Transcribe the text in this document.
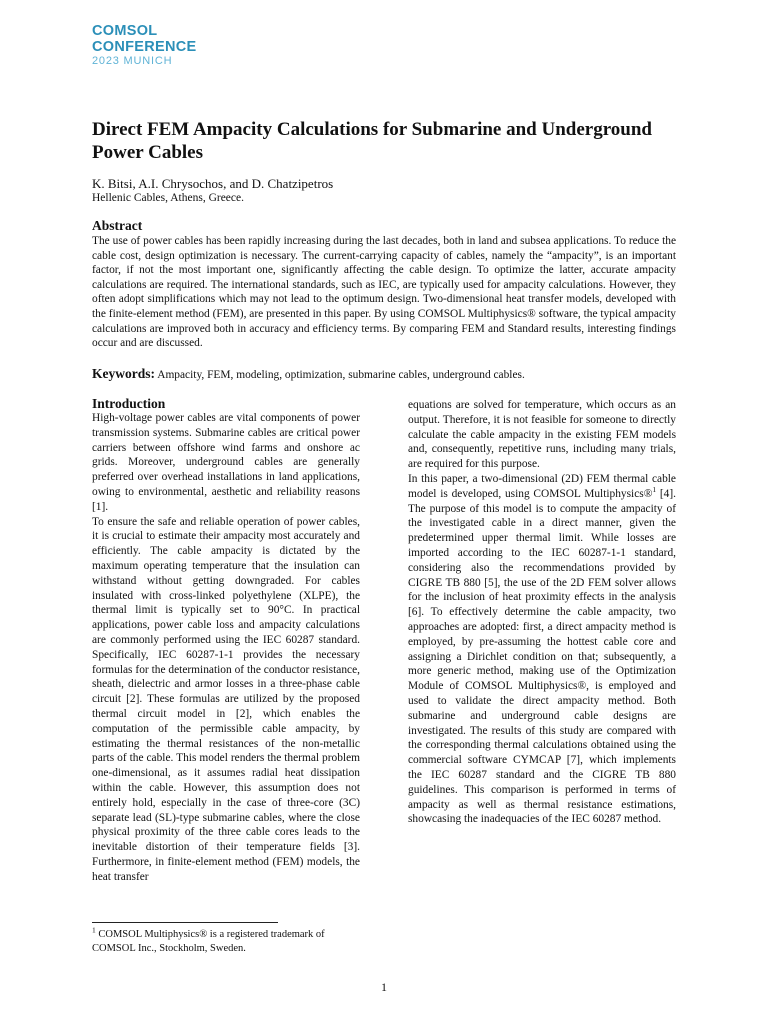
COMSOL
CONFERENCE
2023 MUNICH
Direct FEM Ampacity Calculations for Submarine and Underground Power Cables
K. Bitsi, A.I. Chrysochos, and D. Chatzipetros
Hellenic Cables, Athens, Greece.
Abstract

The use of power cables has been rapidly increasing during the last decades, both in land and subsea applications. To reduce the cable cost, design optimization is necessary. The current-carrying capacity of cables, namely the “ampacity”, is an important factor, if not the most important one, significantly affecting the cable design. To optimize the latter, accurate ampacity calculations are required. The international standards, such as IEC, are typically used for ampacity calculations. However, they often adopt simplifications which may not lead to the optimum design. Two-dimensional heat transfer models, developed with the finite-element method (FEM), are presented in this paper. By using COMSOL Multiphysics® software, the typical ampacity calculations are improved both in accuracy and efficiency terms. By comparing FEM and Standard results, interesting findings occur and are discussed.

Keywords: Ampacity, FEM, modeling, optimization, submarine cables, underground cables.
Introduction

High-voltage power cables are vital components of power transmission systems. Submarine cables are critical power carriers between offshore wind farms and onshore ac grids. Moreover, underground cables are generally preferred over overhead installations in land applications, owing to environmental, aesthetic and reliability reasons [1].

To ensure the safe and reliable operation of power cables, it is crucial to estimate their ampacity most accurately and efficiently. The cable ampacity is dictated by the maximum operating temperature that the insulation can withstand without getting downgraded. For cables insulated with cross-linked polyethylene (XLPE), the thermal limit is typically set to 90°C. In practical applications, power cable loss and ampacity calculations are commonly performed using the IEC 60287 standard. Specifically, IEC 60287-1-1 provides the necessary formulas for the determination of the conductor resistance, sheath, dielectric and armor losses in a three-phase cable circuit [2]. These formulas are utilized by the proposed thermal circuit model in [2], which enables the computation of the permissible cable ampacity, by estimating the thermal resistances of the non-metallic parts of the cable. This model renders the thermal problem one-dimensional, as it assumes radial heat dissipation within the cable. However, this assumption does not entirely hold, especially in the case of three-core (3C) separate lead (SL)-type submarine cables, where the close physical proximity of the three cable cores leads to the inevitable distortion of their temperature fields [3]. Furthermore, in finite-element method (FEM) models, the heat transfer

equations are solved for temperature, which occurs as an output. Therefore, it is not feasible for someone to directly calculate the cable ampacity in the existing FEM models and, consequently, repetitive runs, including many trials, are required for this purpose.

In this paper, a two-dimensional (2D) FEM thermal cable model is developed, using COMSOL Multiphysics®$^1$ [4]. The purpose of this model is to compute the ampacity of the investigated cable in a direct manner, given the predetermined upper thermal limit. While losses are imported according to the IEC 60287-1-1 standard, considering also the recommendations provided by CIGRE TB 880 [5], the use of the 2D FEM solver allows for the inclusion of heat proximity effects in the analysis [6]. To effectively determine the cable ampacity, two approaches are adopted: first, a direct ampacity method is employed, by pre-assuming the hottest cable core and assigning a Dirichlet condition on that; subsequently, a more generic method, making use of the Optimization Module of COMSOL Multiphysics®, is employed and used to validate the direct ampacity method. Both submarine and underground cable designs are investigated. The results of this study are compared with the corresponding thermal calculations obtained using the commercial software CYMCAP [7], which implements the IEC 60287 standard and the CIGRE TB 880 guidelines. This comparison is performed in terms of ampacity as well as thermal resistance estimations, showcasing the inadequacies of the IEC 60287 method.

$^1$ COMSOL Multiphysics® is a registered trademark of COMSOL Inc., Stockholm, Sweden.
1
